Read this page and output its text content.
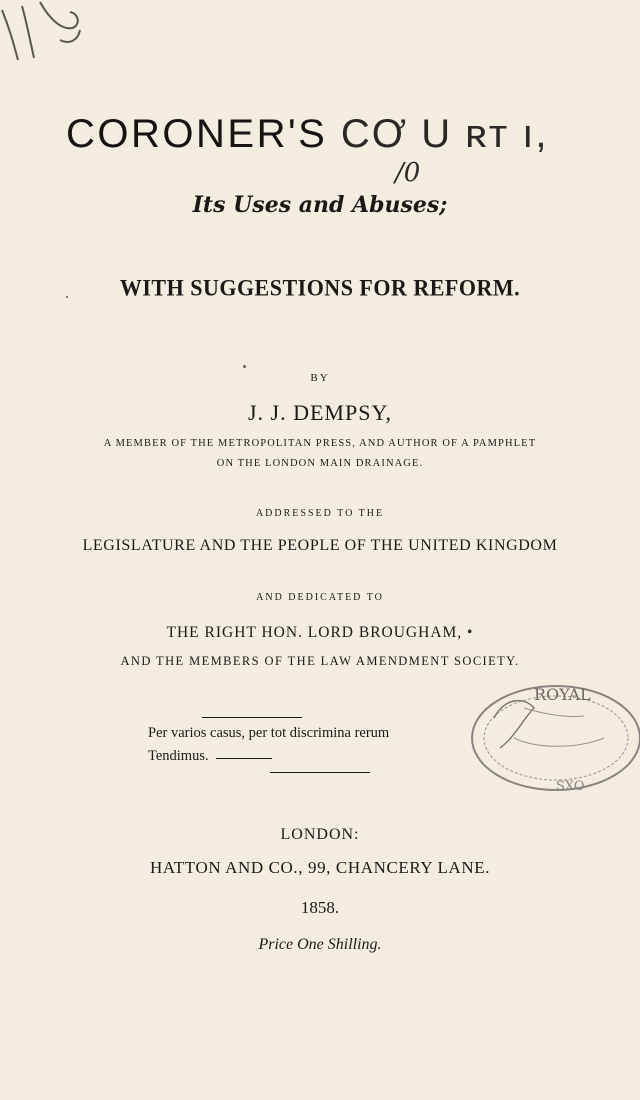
CORONER'S CƠ U ʀᴛ ı,
/0
Its Uses and Abuses;
WITH SUGGESTIONS FOR REFORM.
BY
J. J. DEMPSY,
A MEMBER OF THE METROPOLITAN PRESS, AND AUTHOR OF A PAMPHLET
ON THE LONDON MAIN DRAINAGE.
ADDRESSED TO THE
LEGISLATURE AND THE PEOPLE OF THE UNITED KINGDOM
AND DEDICATED TO
THE RIGHT HON. LORD BROUGHAM, •
AND THE MEMBERS OF THE LAW AMENDMENT SOCIETY.
Per varios casus, per tot discrimina rerum
Tendimus.
ROYAL
SXO
LONDON:
HATTON AND CO., 99, CHANCERY LANE.
1858.
Price One Shilling.
